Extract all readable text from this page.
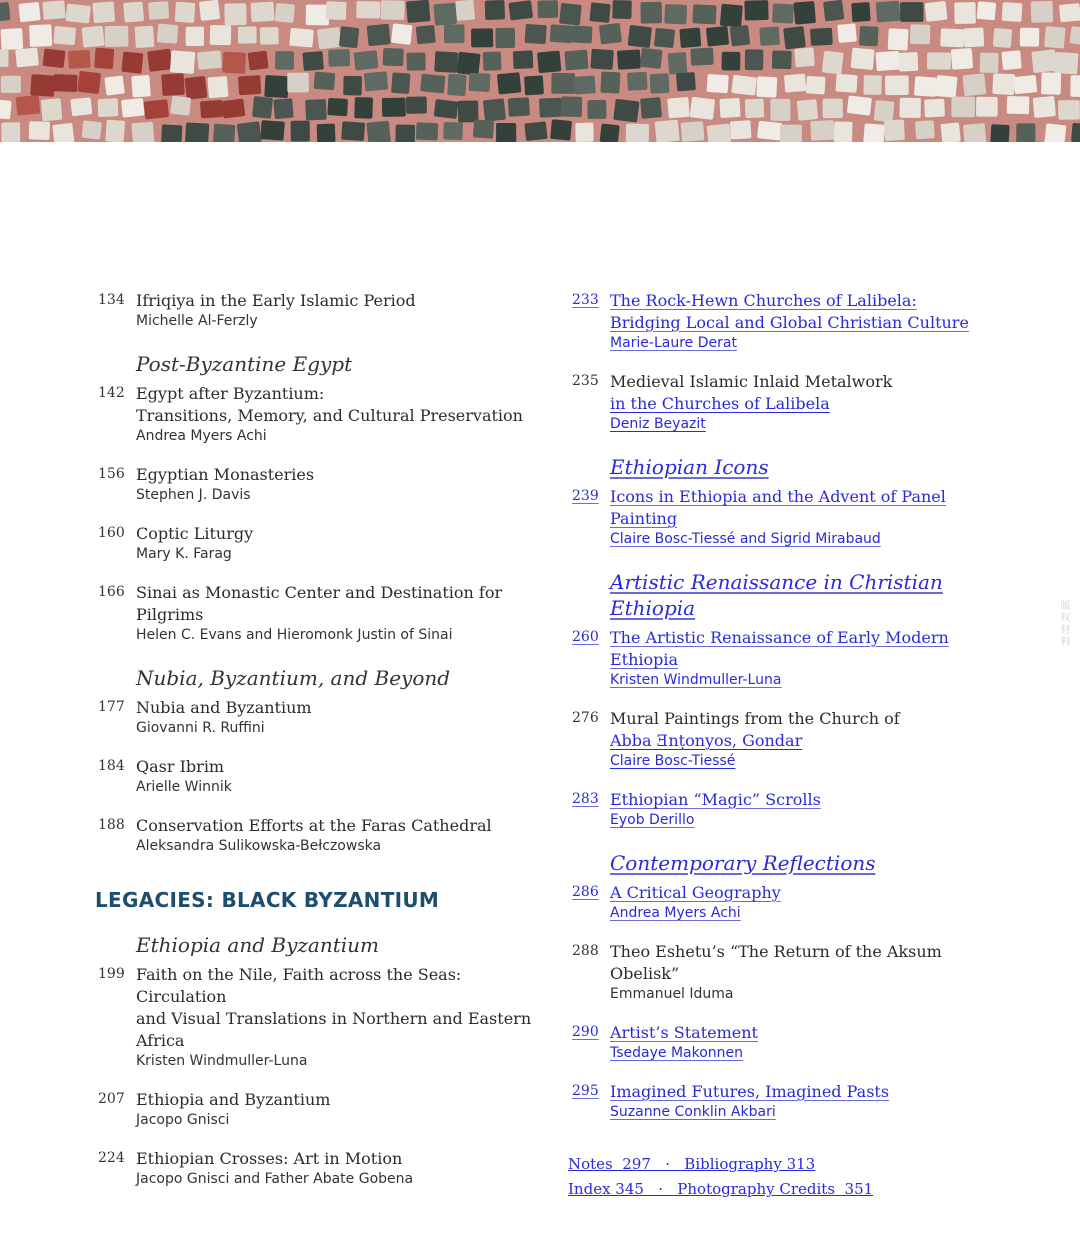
134 Ifriqiya in the Early Islamic Period
Michelle Al-Ferzly
Post-Byzantine Egypt
142 Egypt after Byzantium:
Transitions, Memory, and Cultural Preservation
Andrea Myers Achi
156 Egyptian Monasteries
Stephen J. Davis
160 Coptic Liturgy
Mary K. Farag
166 Sinai as Monastic Center and Destination for Pilgrims
Helen C. Evans and Hieromonk Justin of Sinai
Nubia, Byzantium, and Beyond
177 Nubia and Byzantium
Giovanni R. Ruffini
184 Qasr Ibrim
Arielle Winnik
188 Conservation Efforts at the Faras Cathedral
Aleksandra Sulikowska-Bełczowska
LEGACIES: BLACK BYZANTIUM
Ethiopia and Byzantium
199 Faith on the Nile, Faith across the Seas: Circulation
and Visual Translations in Northern and Eastern Africa
Kristen Windmuller-Luna
207 Ethiopia and Byzantium
Jacopo Gnisci
224 Ethiopian Crosses: Art in Motion
Jacopo Gnisci and Father Abate Gobena
233 The Rock-Hewn Churches of Lalibela:
Bridging Local and Global Christian Culture
Marie-Laure Derat
235 Medieval Islamic Inlaid Metalwork
in the Churches of Lalibela
Deniz Beyazit
Ethiopian Icons
239 Icons in Ethiopia and the Advent of Panel Painting
Claire Bosc-Tiessé and Sigrid Mirabaud
Artistic Renaissance in Christian Ethiopia
260 The Artistic Renaissance of Early Modern Ethiopia
Kristen Windmuller-Luna
276 Mural Paintings from the Church of
Abba Ǝnṭonyos, Gondar
Claire Bosc-Tiessé
283 Ethiopian “Magic” Scrolls
Eyob Derillo
Contemporary Reflections
286 A Critical Geography
Andrea Myers Achi
288 Theo Eshetu’s “The Return of the Aksum Obelisk”
Emmanuel Iduma
290 Artist’s Statement
Tsedaye Makonnen
295 Imagined Futures, Imagined Pasts
Suzanne Conklin Akbari
Notes  297   ·   Bibliography 313
Index 345   ·   Photography Credits  351
版权材料
